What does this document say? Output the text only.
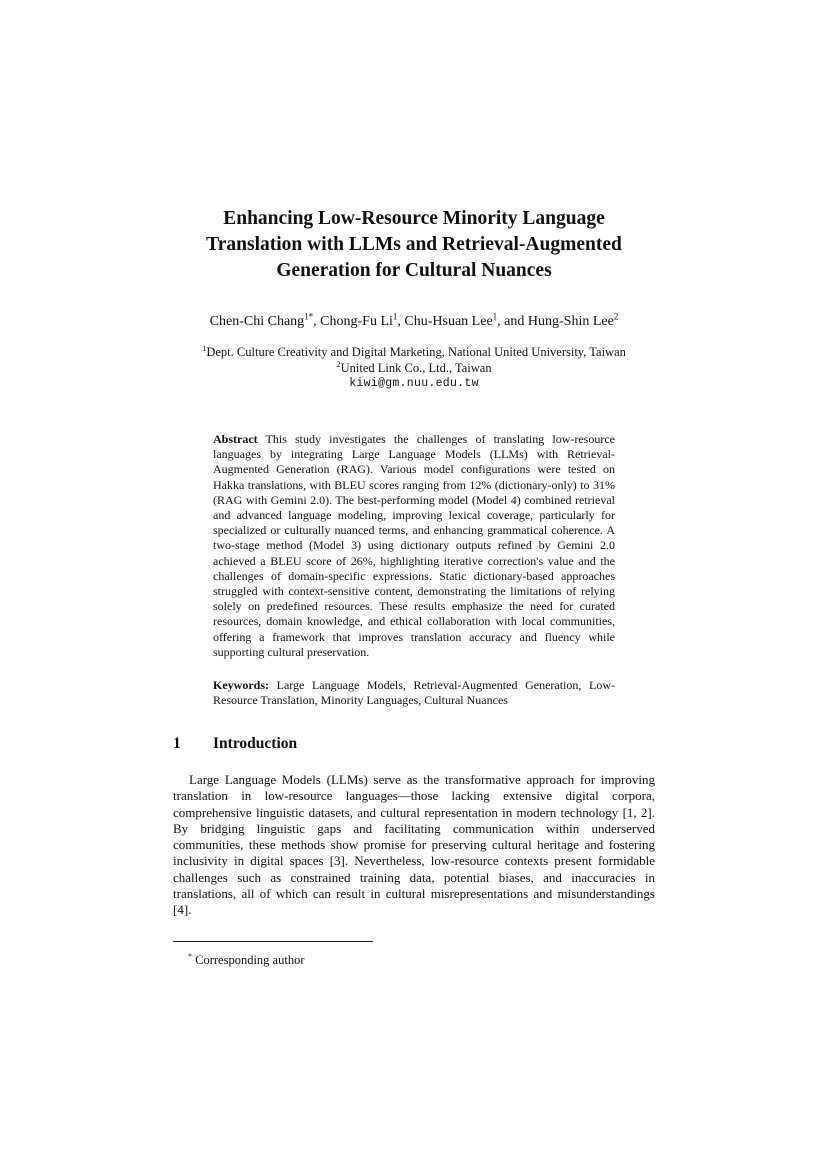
Enhancing Low-Resource Minority Language
Translation with LLMs and Retrieval-Augmented
Generation for Cultural Nuances
Chen-Chi Chang$^{1*}$, Chong-Fu Li$^1$, Chu-Hsuan Lee$^1$, and Hung-Shin Lee$^2$
$^1$Dept. Culture Creativity and Digital Marketing, National United University, Taiwan
$^2$United Link Co., Ltd., Taiwan
kiwi@gm.nuu.edu.tw

Abstract This study investigates the challenges of translating low-resource languages by integrating Large Language Models (LLMs) with Retrieval-Augmented Generation (RAG). Various model configurations were tested on Hakka translations, with BLEU scores ranging from 12% (dictionary-only) to 31% (RAG with Gemini 2.0). The best-performing model (Model 4) combined retrieval and advanced language modeling, improving lexical coverage, particularly for specialized or culturally nuanced terms, and enhancing grammatical coherence. A two-stage method (Model 3) using dictionary outputs refined by Gemini 2.0 achieved a BLEU score of 26%, highlighting iterative correction's value and the challenges of domain-specific expressions. Static dictionary-based approaches struggled with context-sensitive content, demonstrating the limitations of relying solely on predefined resources. These results emphasize the need for curated resources, domain knowledge, and ethical collaboration with local communities, offering a framework that improves translation accuracy and fluency while supporting cultural preservation.

Keywords: Large Language Models, Retrieval-Augmented Generation, Low-Resource Translation, Minority Languages, Cultural Nuances

1 Introduction

Large Language Models (LLMs) serve as the transformative approach for improving translation in low-resource languages—those lacking extensive digital corpora, comprehensive linguistic datasets, and cultural representation in modern technology [1, 2]. By bridging linguistic gaps and facilitating communication within underserved communities, these methods show promise for preserving cultural heritage and fostering inclusivity in digital spaces [3]. Nevertheless, low-resource contexts present formidable challenges such as constrained training data, potential biases, and inaccuracies in translations, all of which can result in cultural misrepresentations and misunderstandings [4].

* Corresponding author
